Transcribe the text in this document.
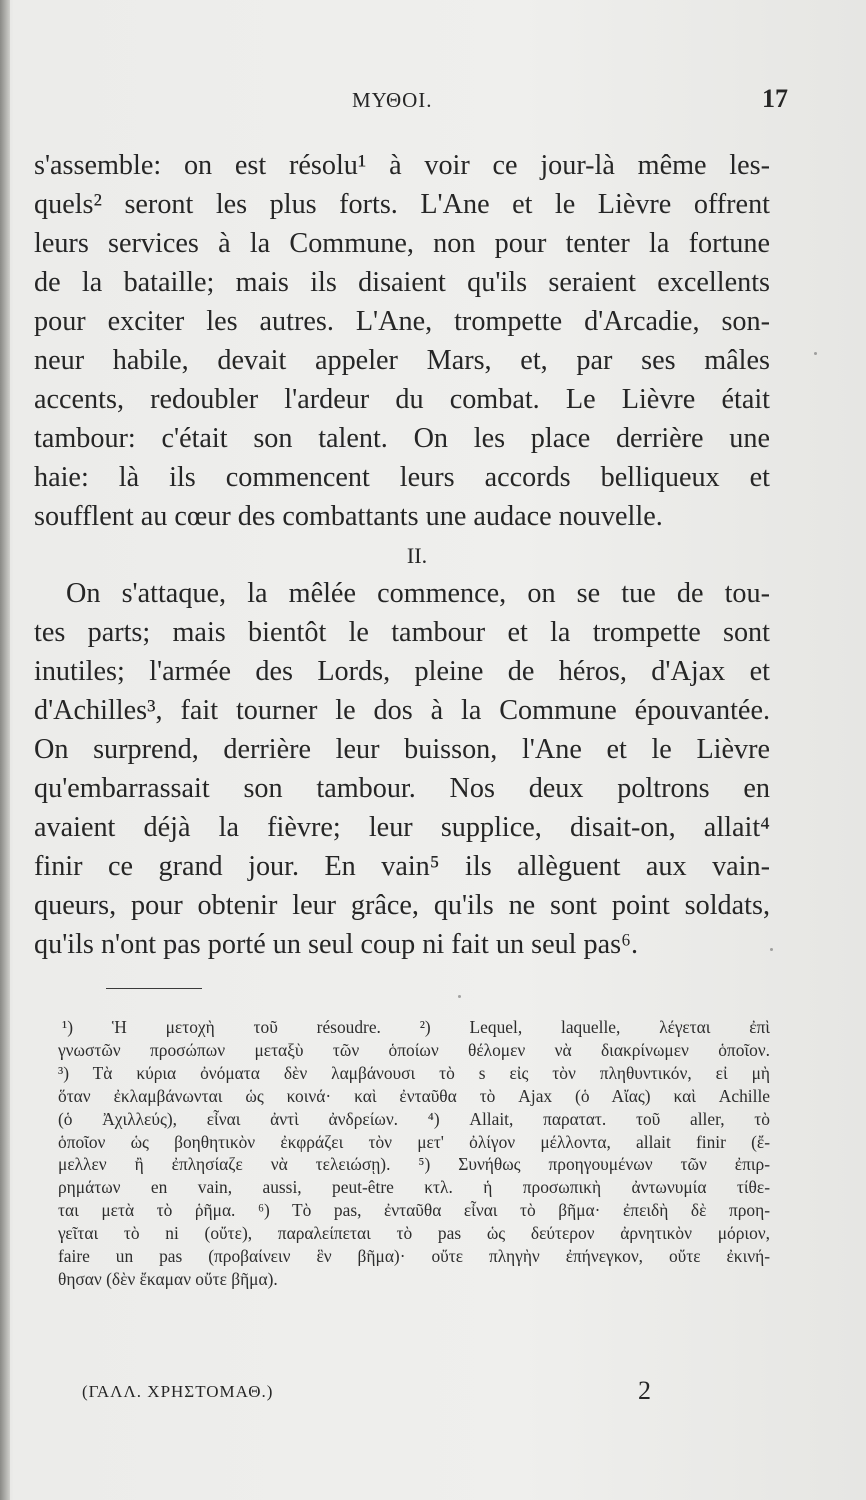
ΜΥΘΟΙ.	17

s'assemble: on est résolu¹ à voir ce jour-là même les-
quels² seront les plus forts. L'Ane et le Lièvre offrent
leurs services à la Commune, non pour tenter la fortune
de la bataille; mais ils disaient qu'ils seraient excellents
pour exciter les autres. L'Ane, trompette d'Arcadie, son-
neur habile, devait appeler Mars, et, par ses mâles
accents, redoubler l'ardeur du combat. Le Lièvre était
tambour: c'était son talent. On les place derrière une
haie: là ils commencent leurs accords belliqueux et
soufflent au cœur des combattants une audace nouvelle.

II.

On s'attaque, la mêlée commence, on se tue de tou-
tes parts; mais bientôt le tambour et la trompette sont
inutiles; l'armée des Lords, pleine de héros, d'Ajax et
d'Achilles³, fait tourner le dos à la Commune épouvantée.
On surprend, derrière leur buisson, l'Ane et le Lièvre
qu'embarrassait son tambour. Nos deux poltrons en
avaient déjà la fièvre; leur supplice, disait-on, allait⁴
finir ce grand jour. En vain⁵ ils allèguent aux vain-
queurs, pour obtenir leur grâce, qu'ils ne sont point soldats,
qu'ils n'ont pas porté un seul coup ni fait un seul pas⁶.

¹) Ἡ μετοχὴ τοῦ résoudre. ²) Lequel, laquelle, λέγεται ἐπὶ
γνωστῶν προσώπων μεταξὺ τῶν ὁποίων θέλομεν νὰ διακρίνωμεν ὁποῖον.
³) Τὰ κύρια ὀνόματα δὲν λαμβάνουσι τὸ s εἰς τὸν πληθυντικόν, εἰ μὴ
ὅταν ἐκλαμβάνωνται ὡς κοινά· καὶ ἐνταῦθα τὸ Ajax (ὁ Αἴας) καὶ Achille
(ὁ Ἀχιλλεύς), εἶναι ἀντὶ ἀνδρείων. ⁴) Allait, παρατατ. τοῦ aller, τὸ
ὁποῖον ὡς βοηθητικὸν ἐκφράζει τὸν μετ' ὀλίγον μέλλοντα, allait finir (ἔ-
μελλεν ἢ ἐπλησίαζε νὰ τελειώσῃ). ⁵) Συνήθως προηγουμένων τῶν ἐπιρ-
ρημάτων en vain, aussi, peut-être κτλ. ἡ προσωπικὴ ἀντωνυμία τίθε-
ται μετὰ τὸ ῥῆμα. ⁶) Τὸ pas, ἐνταῦθα εἶναι τὸ βῆμα· ἐπειδὴ δὲ προη-
γεῖται τὸ ni (οὔτε), παραλείπεται τὸ pas ὡς δεύτερον ἀρνητικὸν μόριον,
faire un pas (προβαίνειν ἓν βῆμα)· οὔτε πληγὴν ἐπήνεγκον, οὔτε ἐκινή-
θησαν (δὲν ἔκαμαν οὔτε βῆμα).
(ΓΑΛΛ. ΧΡΗΣΤΟΜΑΘ.)	2
